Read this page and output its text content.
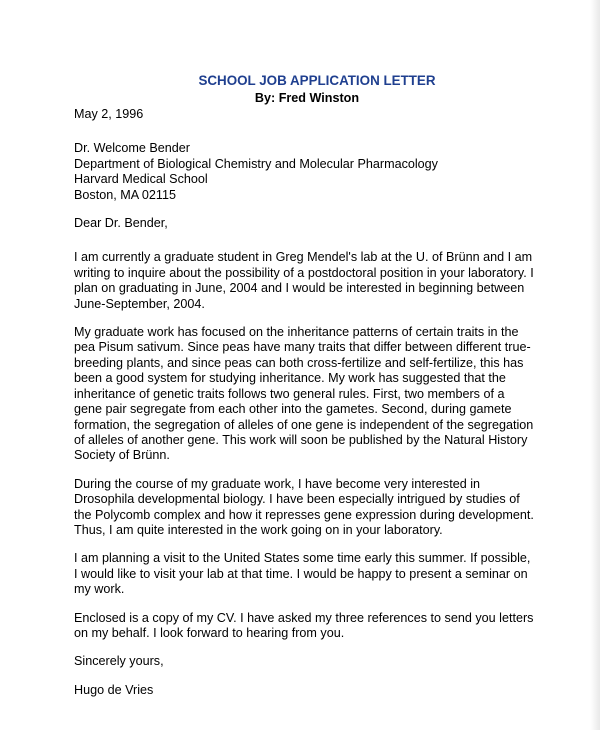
SCHOOL JOB APPLICATION LETTER
By: Fred Winston
May 2, 1996
Dr. Welcome Bender
Department of Biological Chemistry and Molecular Pharmacology
Harvard Medical School
Boston, MA 02115
Dear Dr. Bender,

I am currently a graduate student in Greg Mendel's lab at the U. of Brünn and I am writing to inquire about the possibility of a postdoctoral position in your laboratory. I plan on graduating in June, 2004 and I would be interested in beginning between June-September, 2004.

My graduate work has focused on the inheritance patterns of certain traits in the pea Pisum sativum. Since peas have many traits that differ between different true-breeding plants, and since peas can both cross-fertilize and self-fertilize, this has been a good system for studying inheritance. My work has suggested that the inheritance of genetic traits follows two general rules. First, two members of a gene pair segregate from each other into the gametes. Second, during gamete formation, the segregation of alleles of one gene is independent of the segregation of alleles of another gene. This work will soon be published by the Natural History Society of Brünn.

During the course of my graduate work, I have become very interested in Drosophila developmental biology. I have been especially intrigued by studies of the Polycomb complex and how it represses gene expression during development. Thus, I am quite interested in the work going on in your laboratory.

I am planning a visit to the United States some time early this summer. If possible, I would like to visit your lab at that time. I would be happy to present a seminar on my work.

Enclosed is a copy of my CV. I have asked my three references to send you letters on my behalf. I look forward to hearing from you.

Sincerely yours,
Hugo de Vries
